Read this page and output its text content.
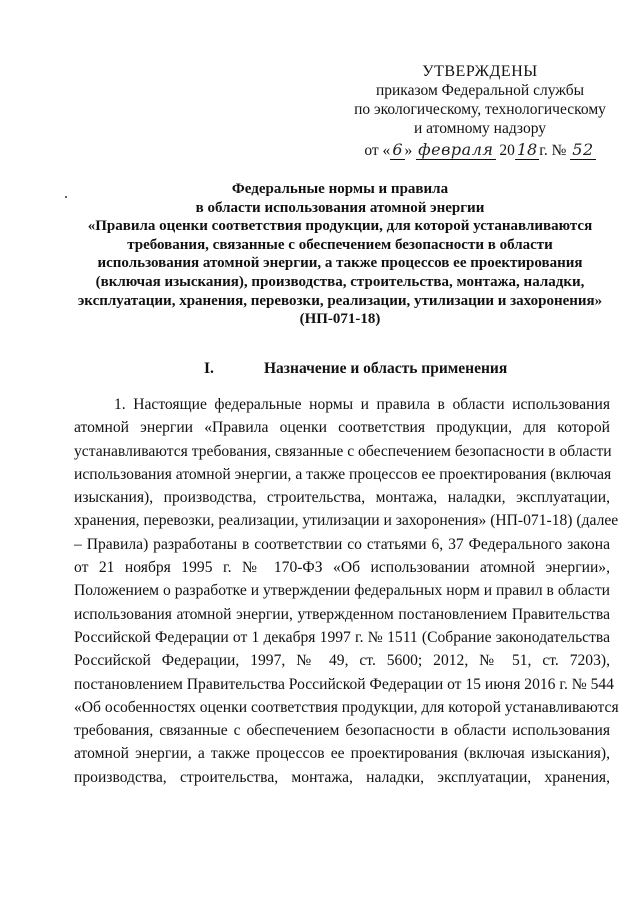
УТВЕРЖДЕНЫ
приказом Федеральной службы
по экологическому, технологическому
и атомному надзору
от « 6 » февраля 20 18 г. № 52
Федеральные нормы и правила
в области использования атомной энергии
«Правила оценки соответствия продукции, для которой устанавливаются
требования, связанные с обеспечением безопасности в области
использования атомной энергии, а также процессов ее проектирования
(включая изыскания), производства, строительства, монтажа, наладки,
эксплуатации, хранения, перевозки, реализации, утилизации и захоронения»
(НП-071-18)
I.	Назначение и область применения
1. Настоящие федеральные нормы и правила в области использования
атомной энергии «Правила оценки соответствия продукции, для которой
устанавливаются требования, связанные с обеспечением безопасности в области
использования атомной энергии, а также процессов ее проектирования (включая
изыскания), производства, строительства, монтажа, наладки, эксплуатации,
хранения, перевозки, реализации, утилизации и захоронения» (НП-071-18) (далее
– Правила) разработаны в соответствии со статьями 6, 37 Федерального закона
от 21 ноября 1995 г. № 170-ФЗ «Об использовании атомной энергии»,
Положением о разработке и утверждении федеральных норм и правил в области
использования атомной энергии, утвержденном постановлением Правительства
Российской Федерации от 1 декабря 1997 г. № 1511 (Собрание законодательства
Российской Федерации, 1997, № 49, ст. 5600; 2012, № 51, ст. 7203),
постановлением Правительства Российской Федерации от 15 июня 2016 г. № 544
«Об особенностях оценки соответствия продукции, для которой устанавливаются
требования, связанные с обеспечением безопасности в области использования
атомной энергии, а также процессов ее проектирования (включая изыскания),
производства, строительства, монтажа, наладки, эксплуатации, хранения,
